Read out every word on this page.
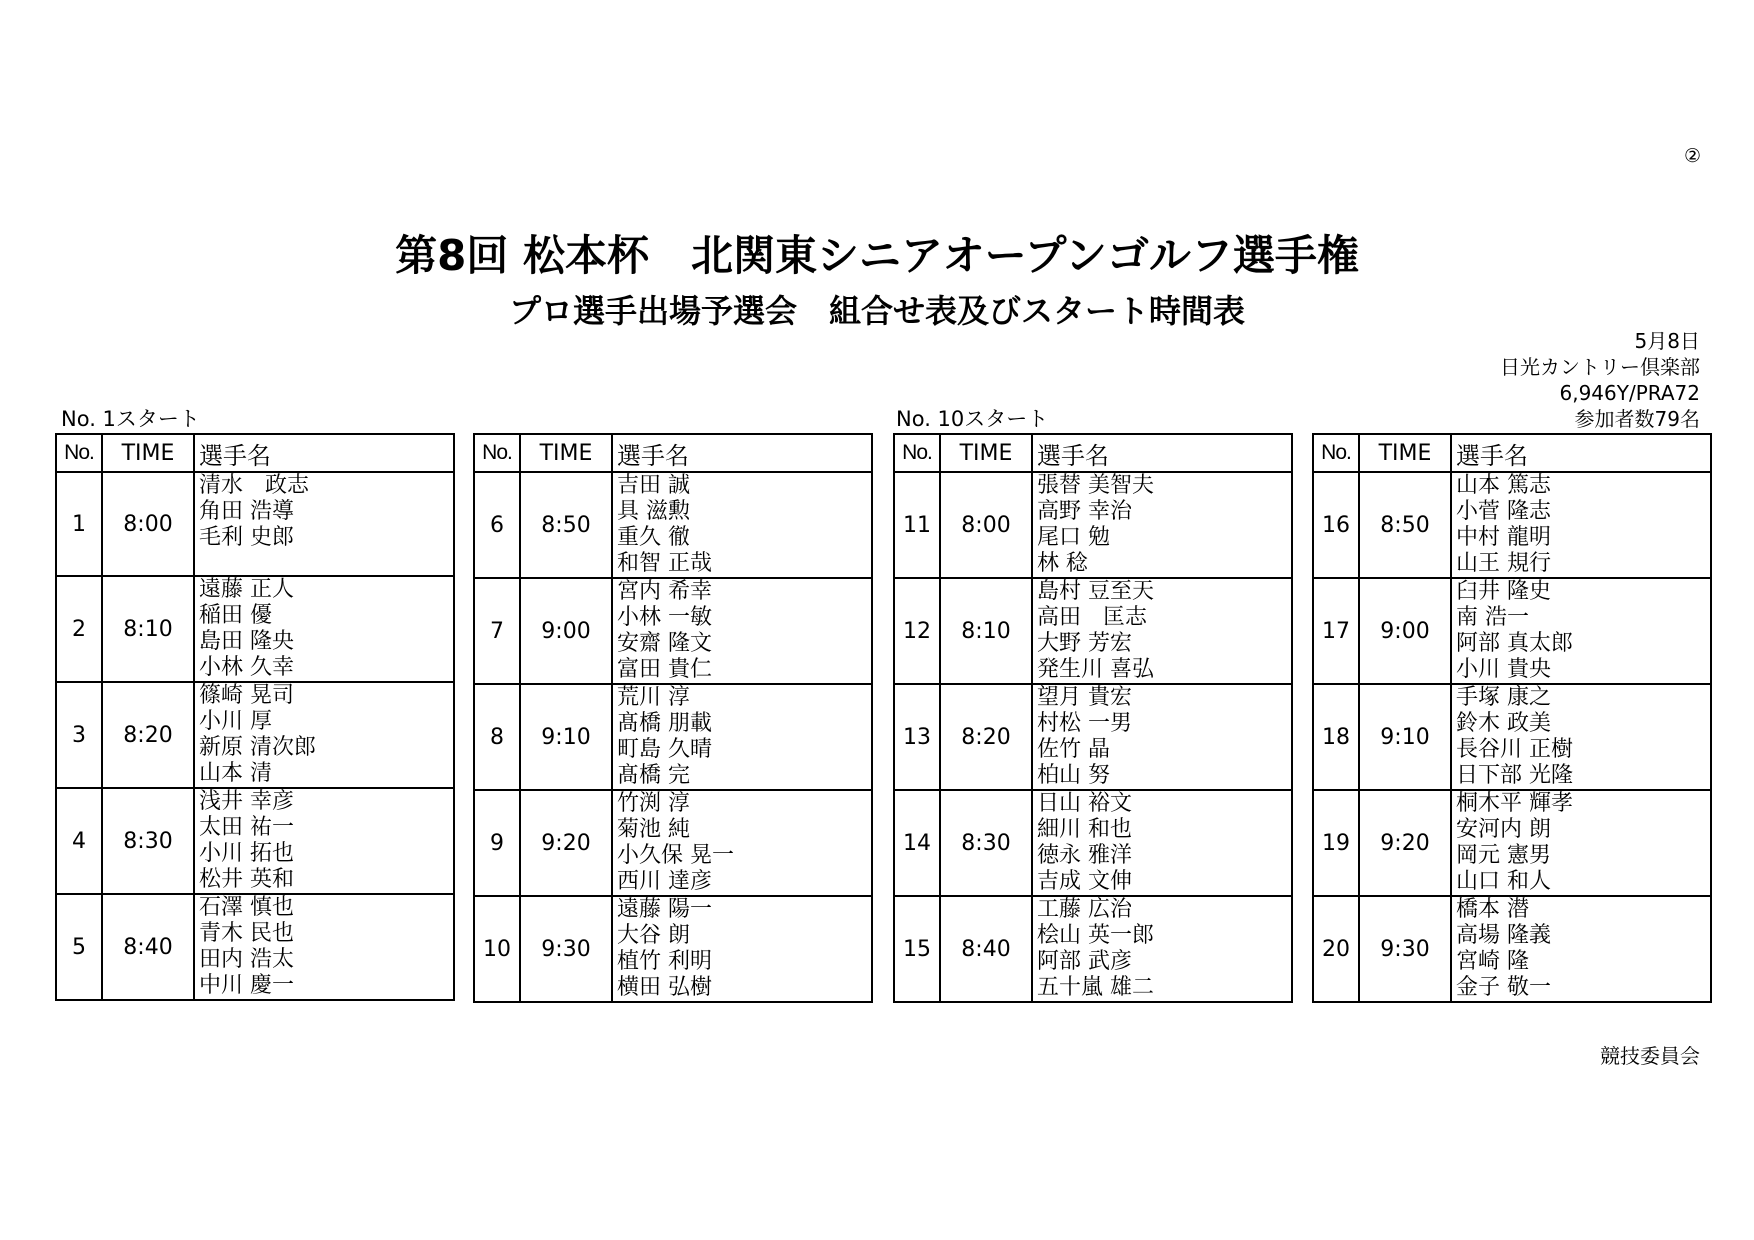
②
第8回 松本杯　北関東シニアオープンゴルフ選手権
プロ選手出場予選会　組合せ表及びスタート時間表
5月8日
日光カントリー倶楽部
6,946Y/PRA72
参加者数79名
No. 1スタート	No. 10スタート
No.	TIME	選手名
1	8:00	清水　政志
角田 浩導
毛利 史郎

2	8:10	遠藤 正人
稲田 優
島田 隆央
小林 久幸

3	8:20	篠崎 晃司
小川 厚
新原 清次郎
山本 清

4	8:30	浅井 幸彦
太田 祐一
小川 拓也
松井 英和

5	8:40	石澤 慎也
青木 民也
田内 浩太
中川 慶一
No.	TIME	選手名
6	8:50	吉田 誠
具 滋勲
重久 徹
和智 正哉

7	9:00	宮内 希幸
小林 一敏
安齋 隆文
富田 貴仁

8	9:10	荒川 淳
髙橋 朋載
町島 久晴
髙橋 完

9	9:20	竹渕 淳
菊池 純
小久保 晃一
西川 達彦

10	9:30	遠藤 陽一
大谷 朗
植竹 利明
横田 弘樹
No.	TIME	選手名
11	8:00	張替 美智夫
高野 幸治
尾口 勉
林 稔

12	8:10	島村 豆至天
高田　匡志
大野 芳宏
発生川 喜弘

13	8:20	望月 貴宏
村松 一男
佐竹 晶
柏山 努

14	8:30	日山 裕文
細川 和也
徳永 雅洋
吉成 文伸

15	8:40	工藤 広治
桧山 英一郎
阿部 武彦
五十嵐 雄二
No.	TIME	選手名
16	8:50	山本 篤志
小菅 隆志
中村 龍明
山王 規行

17	9:00	臼井 隆史
南 浩一
阿部 真太郎
小川 貴央

18	9:10	手塚 康之
鈴木 政美
長谷川 正樹
日下部 光隆

19	9:20	桐木平 輝孝
安河内 朗
岡元 憲男
山口 和人

20	9:30	橋本 潜
高場 隆義
宮崎 隆
金子 敬一
競技委員会
